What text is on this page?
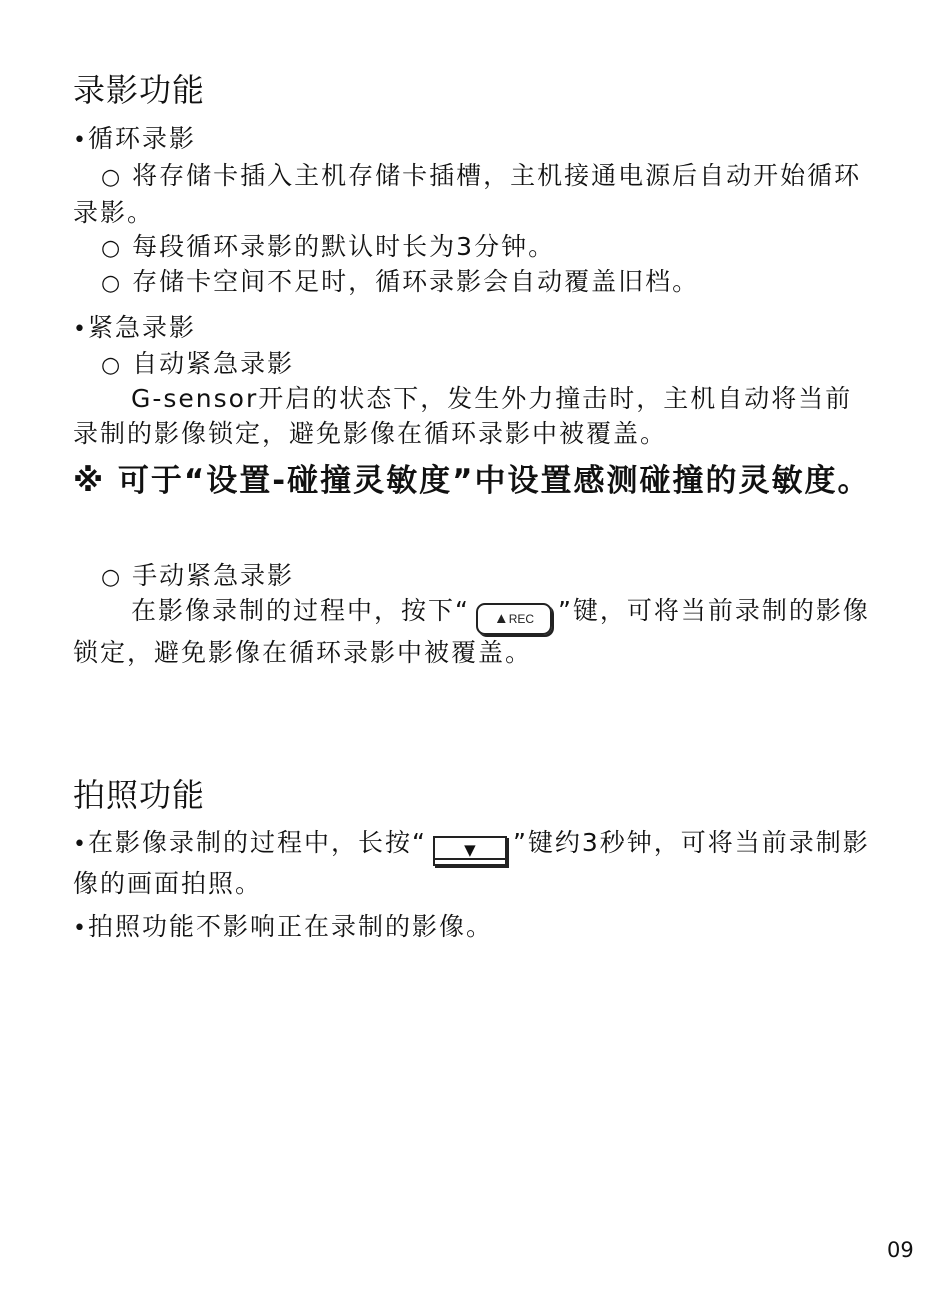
录影功能
•循环录影
○ 将存储卡插入主机存储卡插槽，主机接通电源后自动开始循环录影。
○ 每段循环录影的默认时长为3分钟。
○ 存储卡空间不足时，循环录影会自动覆盖旧档。
•紧急录影
○ 自动紧急录影
G-sensor开启的状态下，发生外力撞击时，主机自动将当前录制的影像锁定，避免影像在循环录影中被覆盖。
※ 可于“设置-碰撞灵敏度”中设置感测碰撞的灵敏度。
○ 手动紧急录影
在影像录制的过程中，按下“ ▲REC ”键，可将当前录制的影像锁定，避免影像在循环录影中被覆盖。
拍照功能
•在影像录制的过程中，长按“ ▼ ”键约3秒钟，可将当前录制影像的画面拍照。
•拍照功能不影响正在录制的影像。
09
